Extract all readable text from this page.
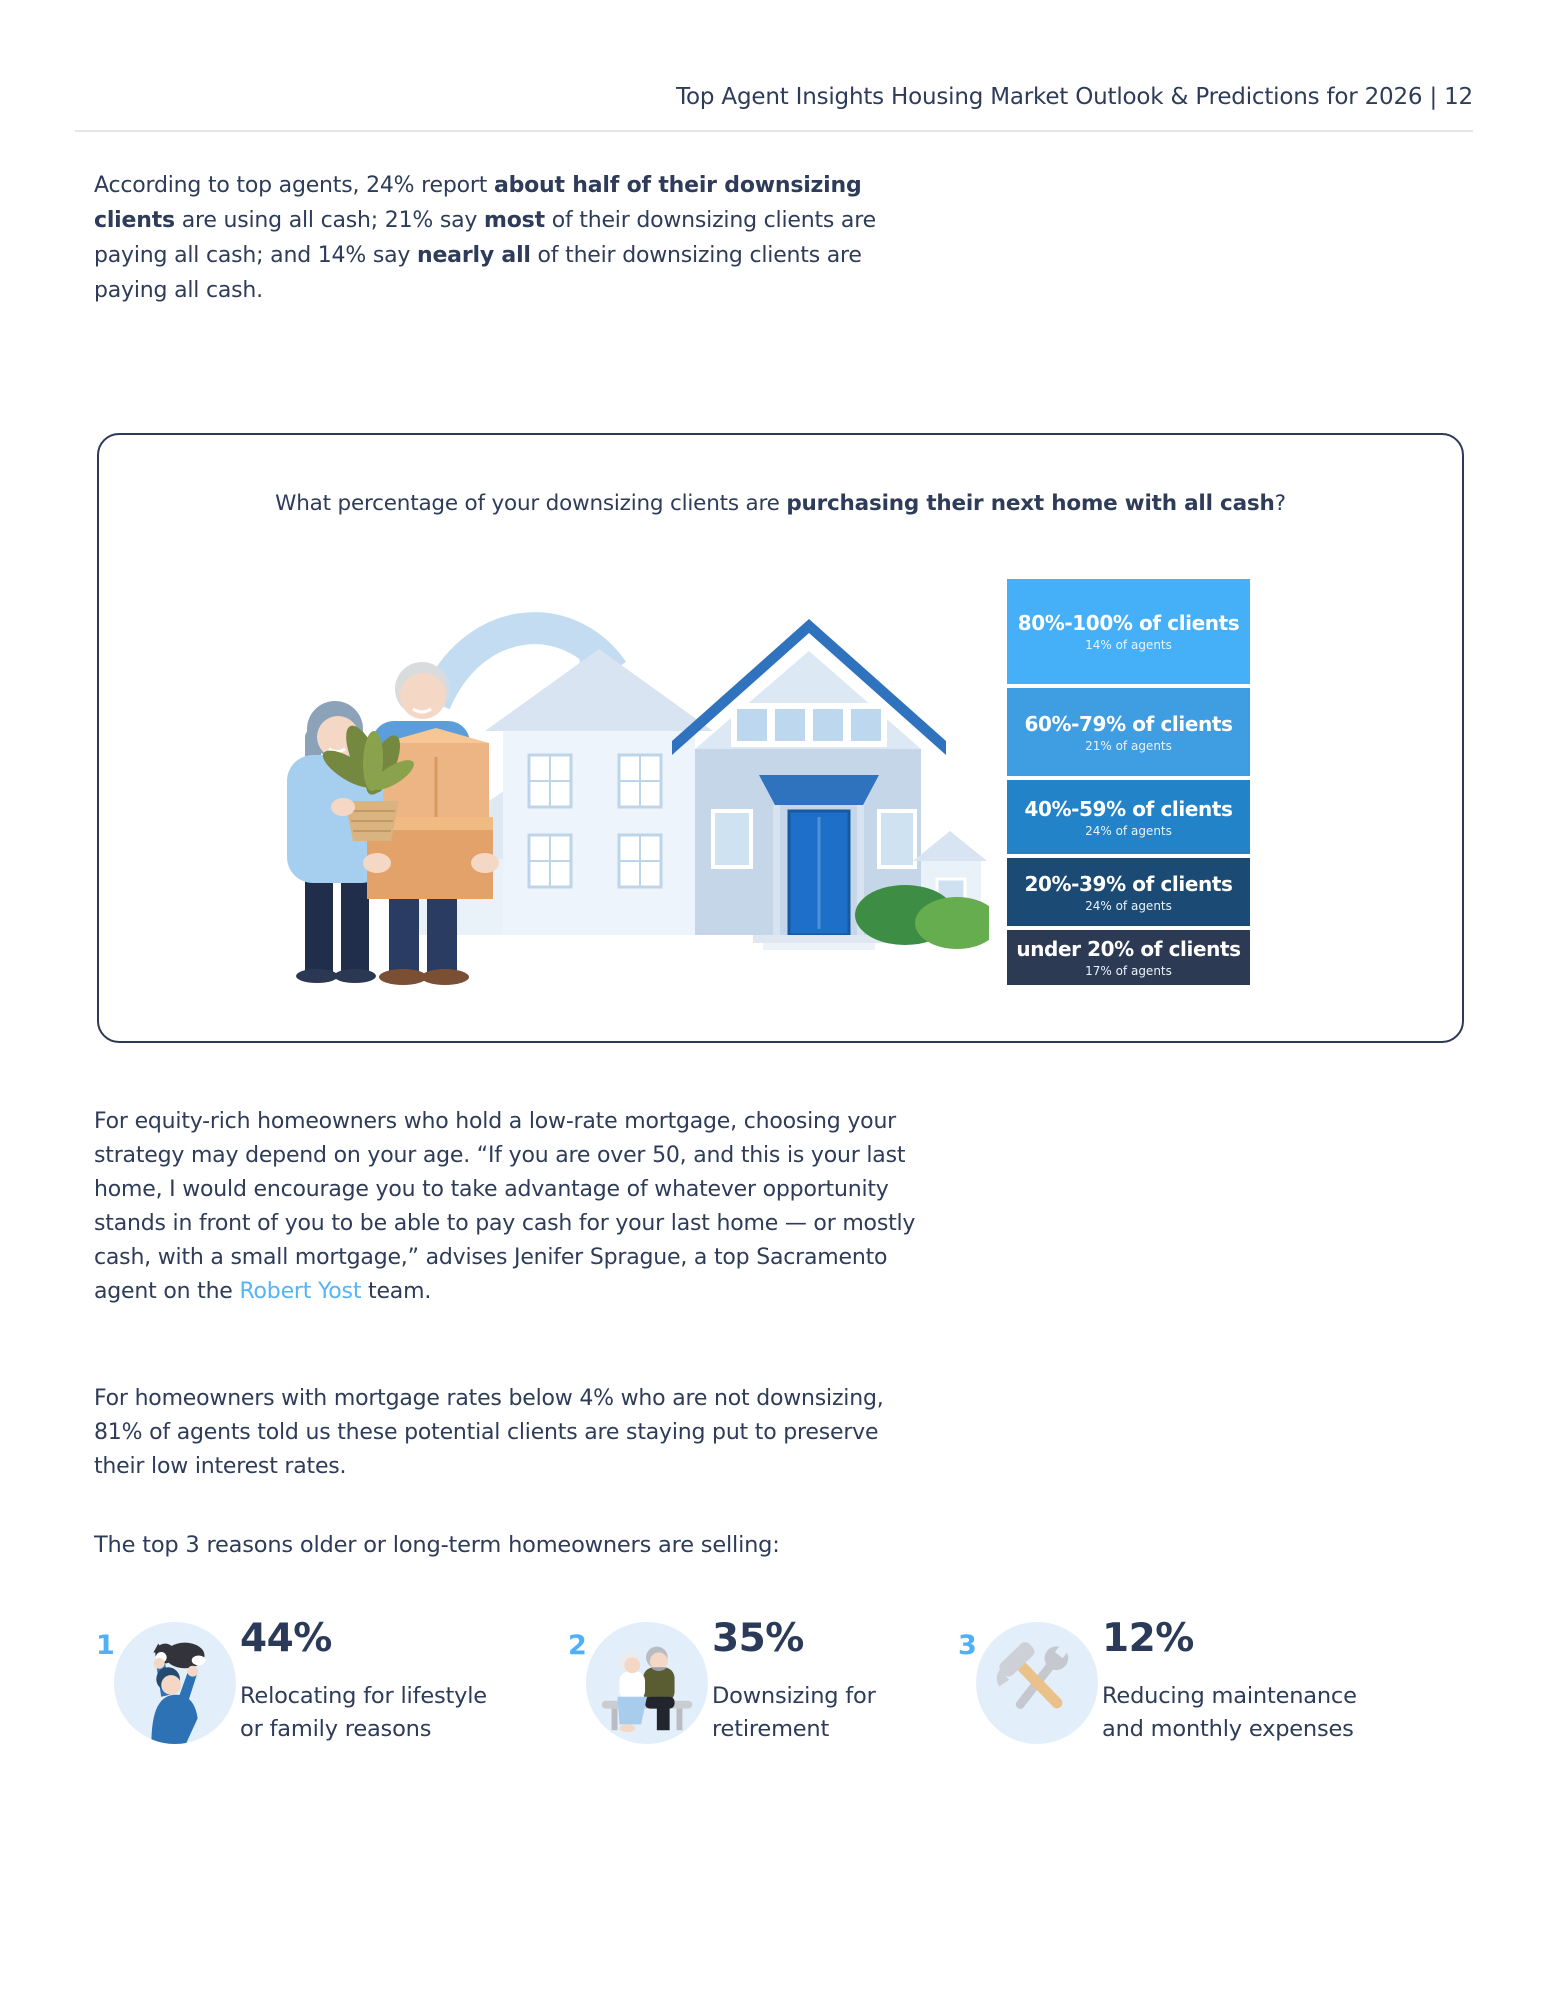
Top Agent Insights Housing Market Outlook & Predictions for 2026 | 12
According to top agents, 24% report about half of their downsizing
clients are using all cash; 21% say most of their downsizing clients are
paying all cash; and 14% say nearly all of their downsizing clients are
paying all cash.
What percentage of your downsizing clients are purchasing their next home with all cash?
80%-100% of clients
14% of agents
60%-79% of clients
21% of agents
40%-59% of clients
24% of agents
20%-39% of clients
24% of agents
under 20% of clients
17% of agents
For equity-rich homeowners who hold a low-rate mortgage, choosing your
strategy may depend on your age. “If you are over 50, and this is your last
home, I would encourage you to take advantage of whatever opportunity
stands in front of you to be able to pay cash for your last home — or mostly
cash, with a small mortgage,” advises Jenifer Sprague, a top Sacramento
agent on the Robert Yost team.
For homeowners with mortgage rates below 4% who are not downsizing,
81% of agents told us these potential clients are staying put to preserve
their low interest rates.
The top 3 reasons older or long-term homeowners are selling:
1	44%
Relocating for lifestyle
or family reasons
2	35%
Downsizing for
retirement
3	12%
Reducing maintenance
and monthly expenses
